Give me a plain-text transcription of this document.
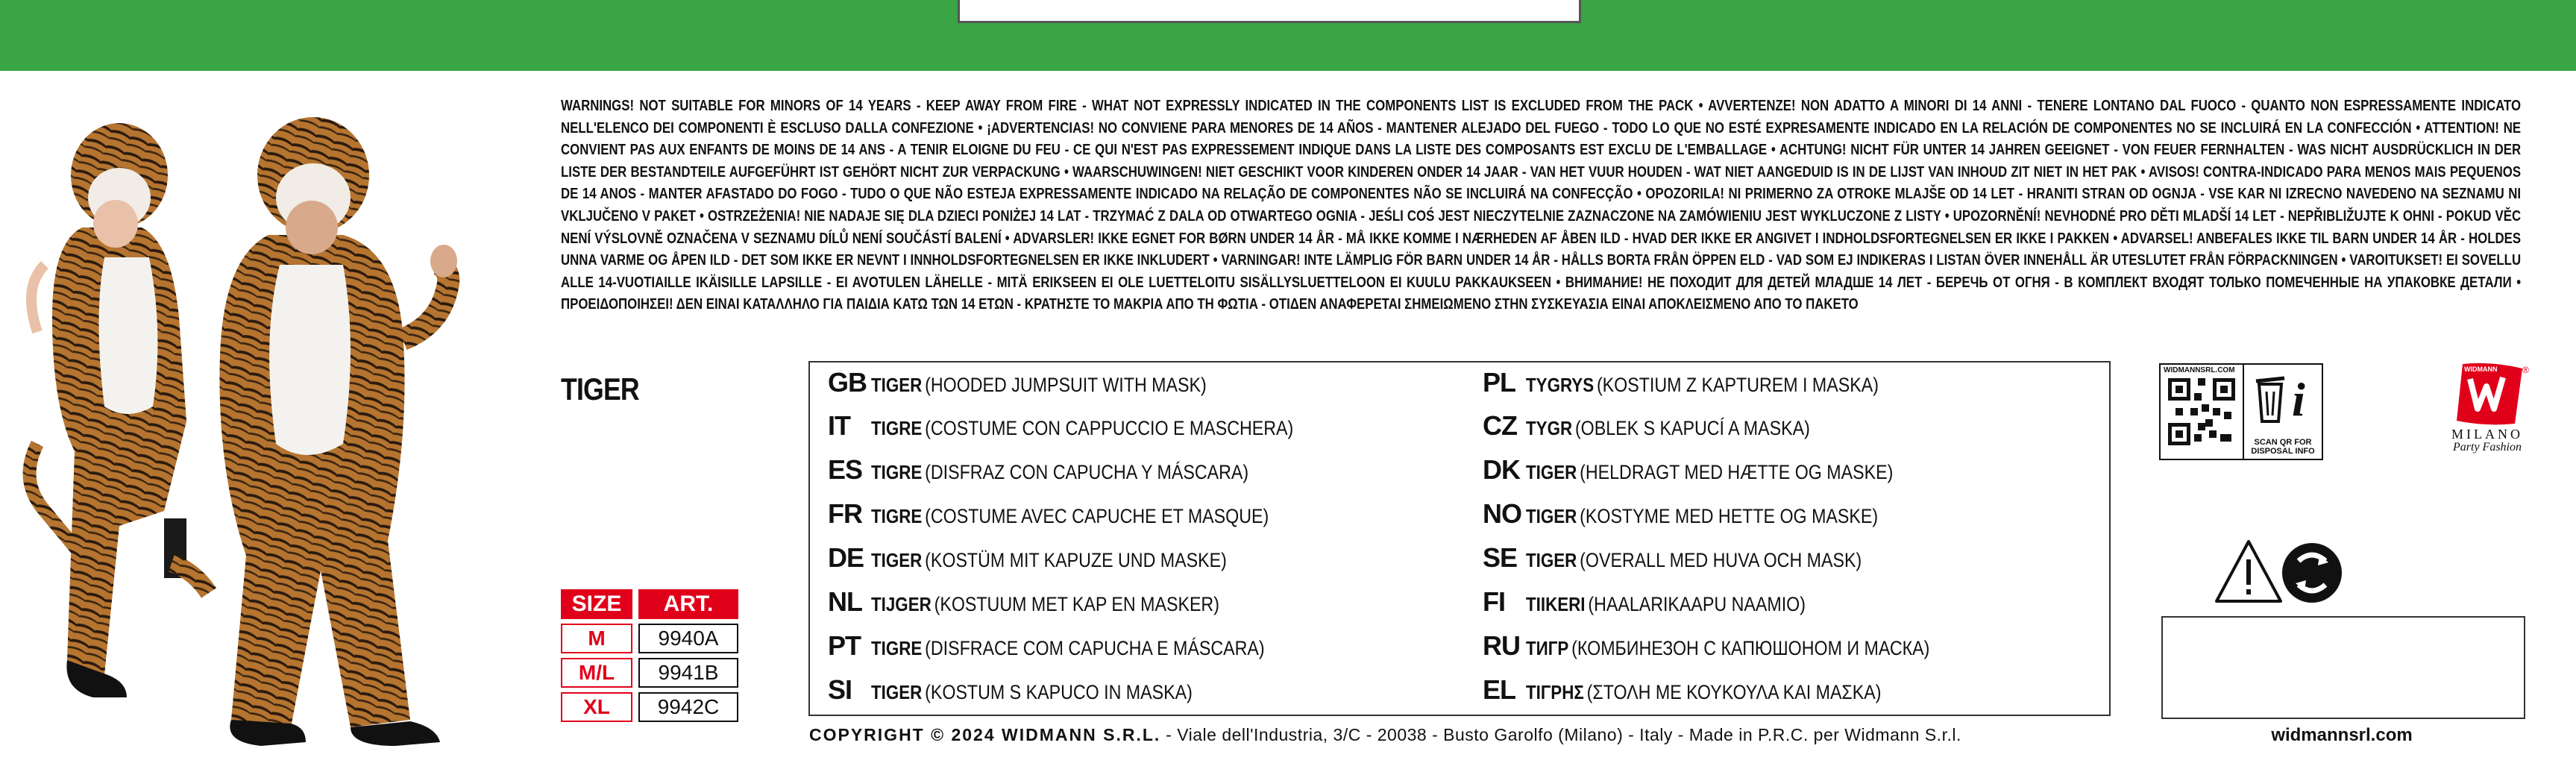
WARNINGS! NOT SUITABLE FOR MINORS OF 14 YEARS - KEEP AWAY FROM FIRE - WHAT NOT EXPRESSLY INDICATED IN THE COMPONENTS LIST IS EXCLUDED FROM THE PACK • AVVERTENZE! NON ADATTO A MINORI DI 14 ANNI - TENERE LONTANO DAL FUOCO - QUANTO NON ESPRESSAMENTE INDICATO NELL'ELENCO DEI COMPONENTI È ESCLUSO DALLA CONFEZIONE • ¡ADVERTENCIAS! NO CONVIENE PARA MENORES DE 14 AÑOS - MANTENER ALEJADO DEL FUEGO - TODO LO QUE NO ESTÉ EXPRESAMENTE INDICADO EN LA RELACIÓN DE COMPONENTES NO SE INCLUIRÁ EN LA CONFECCIÓN • ATTENTION! NE CONVIENT PAS AUX ENFANTS DE MOINS DE 14 ANS - A TENIR ELOIGNE DU FEU - CE QUI N'EST PAS EXPRESSEMENT INDIQUE DANS LA LISTE DES COMPOSANTS EST EXCLU DE L'EMBALLAGE • ACHTUNG! NICHT FÜR UNTER 14 JAHREN GEEIGNET - VON FEUER FERNHALTEN - WAS NICHT AUSDRÜCKLICH IN DER LISTE DER BESTANDTEILE AUFGEFÜHRT IST GEHÖRT NICHT ZUR VERPACKUNG • WAARSCHUWINGEN! NIET GESCHIKT VOOR KINDEREN ONDER 14 JAAR - VAN HET VUUR HOUDEN - WAT NIET AANGEDUID IS IN DE LIJST VAN INHOUD ZIT NIET IN HET PAK • AVISOS! CONTRA-INDICADO PARA MENOS MAIS PEQUENOS DE 14 ANOS - MANTER AFASTADO DO FOGO - TUDO O QUE NÃO ESTEJA EXPRESSAMENTE INDICADO NA RELAÇÃO DE COMPONENTES NÃO SE INCLUIRÁ NA CONFECÇÃO • OPOZORILA! NI PRIMERNO ZA OTROKE MLAJŠE OD 14 LET - HRANITI STRAN OD OGNJA - VSE KAR NI IZRECNO NAVEDENO NA SEZNAMU NI VKLJUČENO V PAKET • OSTRZEŻENIA! NIE NADAJE SIĘ DLA DZIECI PONIŻEJ 14 LAT - TRZYMAĆ Z DALA OD OTWARTEGO OGNIA - JEŚLI COŚ JEST NIECZYTELNIE ZAZNACZONE NA ZAMÓWIENIU JEST WYKLUCZONE Z LISTY • UPOZORNĚNÍ! NEVHODNÉ PRO DĚTI MLADŠÍ 14 LET - NEPŘIBLIŽUJTE K OHNI - POKUD VĚC NENÍ VÝSLOVNĚ OZNAČENA V SEZNAMU DÍLŮ NENÍ SOUČÁSTÍ BALENÍ • ADVARSLER! IKKE EGNET FOR BØRN UNDER 14 ÅR - MÅ IKKE KOMME I NÆRHEDEN AF ÅBEN ILD - HVAD DER IKKE ER ANGIVET I INDHOLDSFORTEGNELSEN ER IKKE I PAKKEN • ADVARSEL! ANBEFALES IKKE TIL BARN UNDER 14 ÅR - HOLDES UNNA VARME OG ÅPEN ILD - DET SOM IKKE ER NEVNT I INNHOLDSFORTEGNELSEN ER IKKE INKLUDERT • VARNINGAR! INTE LÄMPLIG FÖR BARN UNDER 14 ÅR - HÅLLS BORTA FRÅN ÖPPEN ELD - VAD SOM EJ INDIKERAS I LISTAN ÖVER INNEHÅLL ÄR UTESLUTET FRÅN FÖRPACKNINGEN • VAROITUKSET! EI SOVELLU ALLE 14-VUOTIAILLE IKÄISILLE LAPSILLE - EI AVOTULEN LÄHELLE - MITÄ ERIKSEEN EI OLE LUETTELOITU SISÄLLYSLUETTELOON EI KUULU PAKKAUKSEEN • ВНИМАНИЕ! НЕ ПОХОДИТ ДЛЯ ДЕТЕЙ МЛАДШЕ 14 ЛЕТ - БЕРЕЧЬ ОТ ОГНЯ - В КОМПЛЕКТ ВХОДЯТ ТОЛЬКО ПОМЕЧЕННЫЕ НА УПАКОВКЕ ДЕТАЛИ • ΠΡΟΕΙΔΟΠΟΙΗΣΕΙ! ΔΕΝ ΕΙΝΑΙ ΚΑΤΑΛΛΗΛΟ ΓΙΑ ΠΑΙΔΙΑ ΚΑΤΩ ΤΩΝ 14 ΕΤΩΝ - ΚΡΑΤΗΣΤΕ ΤΟ ΜΑΚΡΙΑ ΑΠΟ ΤΗ ΦΩΤΙΑ - ΟΤΙΔΕΝ ΑΝΑΦΕΡΕΤΑΙ ΣΗΜΕΙΩΜΕΝΟ ΣΤΗΝ ΣΥΣΚΕΥΑΣΙΑ ΕΙΝΑΙ ΑΠΟΚΛΕΙΣΜΕΝΟ ΑΠΟ ΤΟ ΠΑΚΕΤΟ
TIGER
SIZE		ART.

M		9940A

M/L		9941B

XL		9942C
GB TIGER (HOODED JUMPSUIT WITH MASK)
IT	TIGRE (COSTUME CON CAPPUCCIO E MASCHERA)
ES TIGRE (DISFRAZ CON CAPUCHA Y MÁSCARA)
FR TIGRE (COSTUME AVEC CAPUCHE ET MASQUE)
DE TIGER (KOSTÜM MIT KAPUZE UND MASKE)
NL TIJGER (KOSTUUM MET KAP EN MASKER)
PT TIGRE (DISFRACE COM CAPUCHA E MÁSCARA)
SI TIGER (KOSTUM S KAPUCO IN MASKA)
PL TYGRYS (KOSTIUM Z KAPTUREM I MASKA)
CZ TYGR (OBLEK S KAPUCÍ A MASKA)
DK TIGER (HELDRAGT MED HÆTTE OG MASKE)
NO TIGER (KOSTYME MED HETTE OG MASKE)
SE TIGER (OVERALL MED HUVA OCH MASK)
FI	TIIKERI (HAALARIKAAPU NAAMIO)
RU ТИГР (КОМБИНЕЗОН С КАПЮШОНОМ И МАСКА)
EL ΤΙΓΡΗΣ (ΣΤΟΛΗ ΜΕ ΚΟΥΚΟΥΛΑ ΚΑΙ ΜΑΣΚΑ)
COPYRIGHT © 2024 WIDMANN S.R.L. - Viale dell'Industria, 3/C - 20038 - Busto Garolfo (Milano) - Italy - Made in P.R.C. per Widmann S.r.l.
WIDMANNSRL.COM
i
SCAN QR FOR DISPOSAL INFO
WIDMANN	®
MILANO
Party Fashion
widmannsrl.com
